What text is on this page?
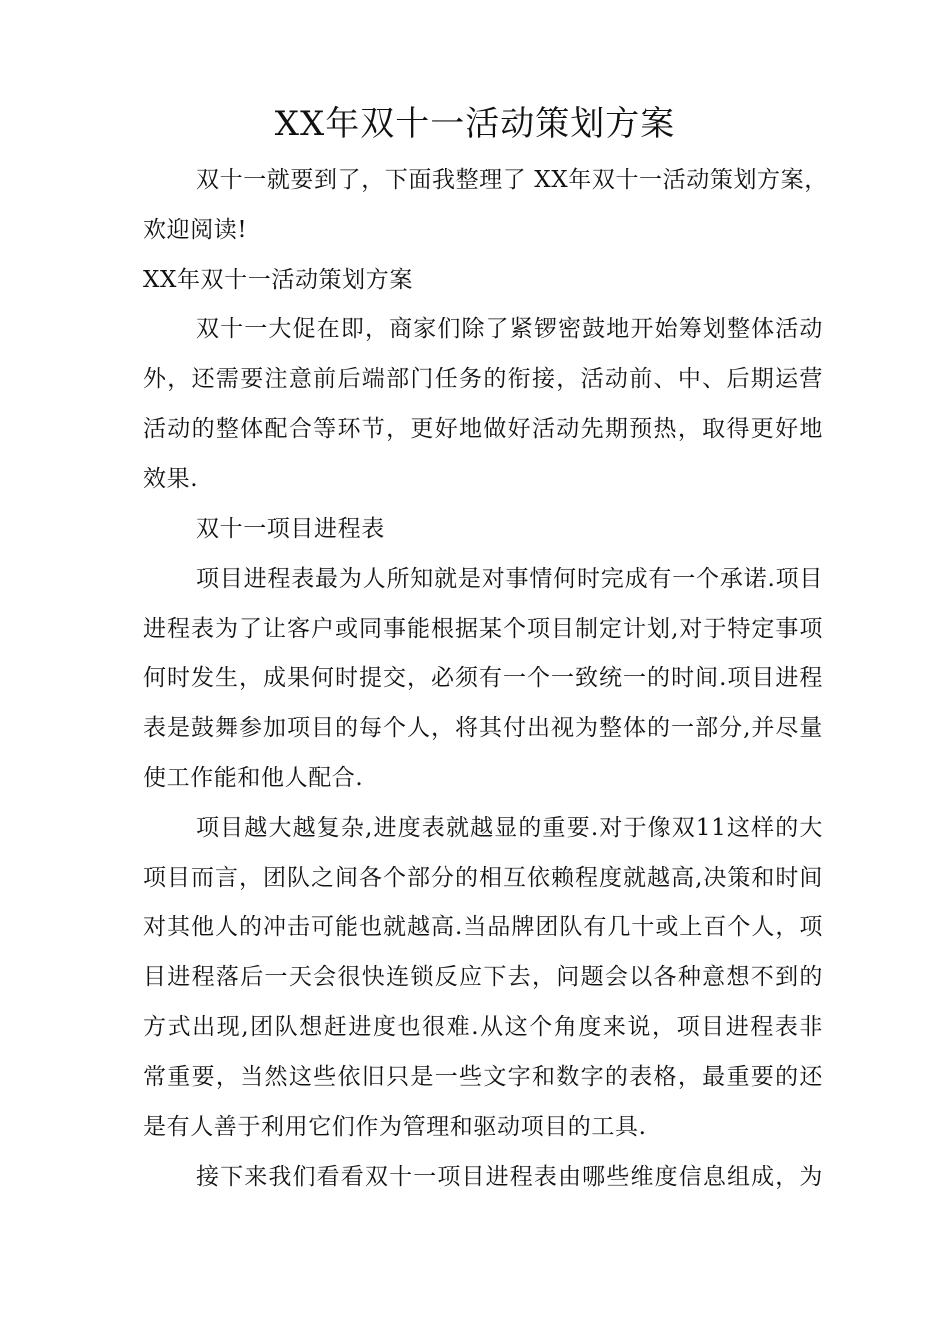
XX年双十一活动策划方案
双十一就要到了，下面我整理了 XX年双十一活动策划方案，
欢迎阅读!
XX年双十一活动策划方案
双十一大促在即，商家们除了紧锣密鼓地开始筹划整体活动
外，还需要注意前后端部门任务的衔接，活动前、中、后期运营
活动的整体配合等环节，更好地做好活动先期预热，取得更好地
效果.
双十一项目进程表
项目进程表最为人所知就是对事情何时完成有一个承诺.项目
进程表为了让客户或同事能根据某个项目制定计划,对于特定事项
何时发生，成果何时提交，必须有一个一致统一的时间.项目进程
表是鼓舞参加项目的每个人，将其付出视为整体的一部分,并尽量
使工作能和他人配合.
项目越大越复杂,进度表就越显的重要.对于像双11这样的大
项目而言，团队之间各个部分的相互依赖程度就越高,决策和时间
对其他人的冲击可能也就越高.当品牌团队有几十或上百个人，项
目进程落后一天会很快连锁反应下去，问题会以各种意想不到的
方式出现,团队想赶进度也很难.从这个角度来说，项目进程表非
常重要，当然这些依旧只是一些文字和数字的表格，最重要的还
是有人善于利用它们作为管理和驱动项目的工具.
接下来我们看看双十一项目进程表由哪些维度信息组成，为
